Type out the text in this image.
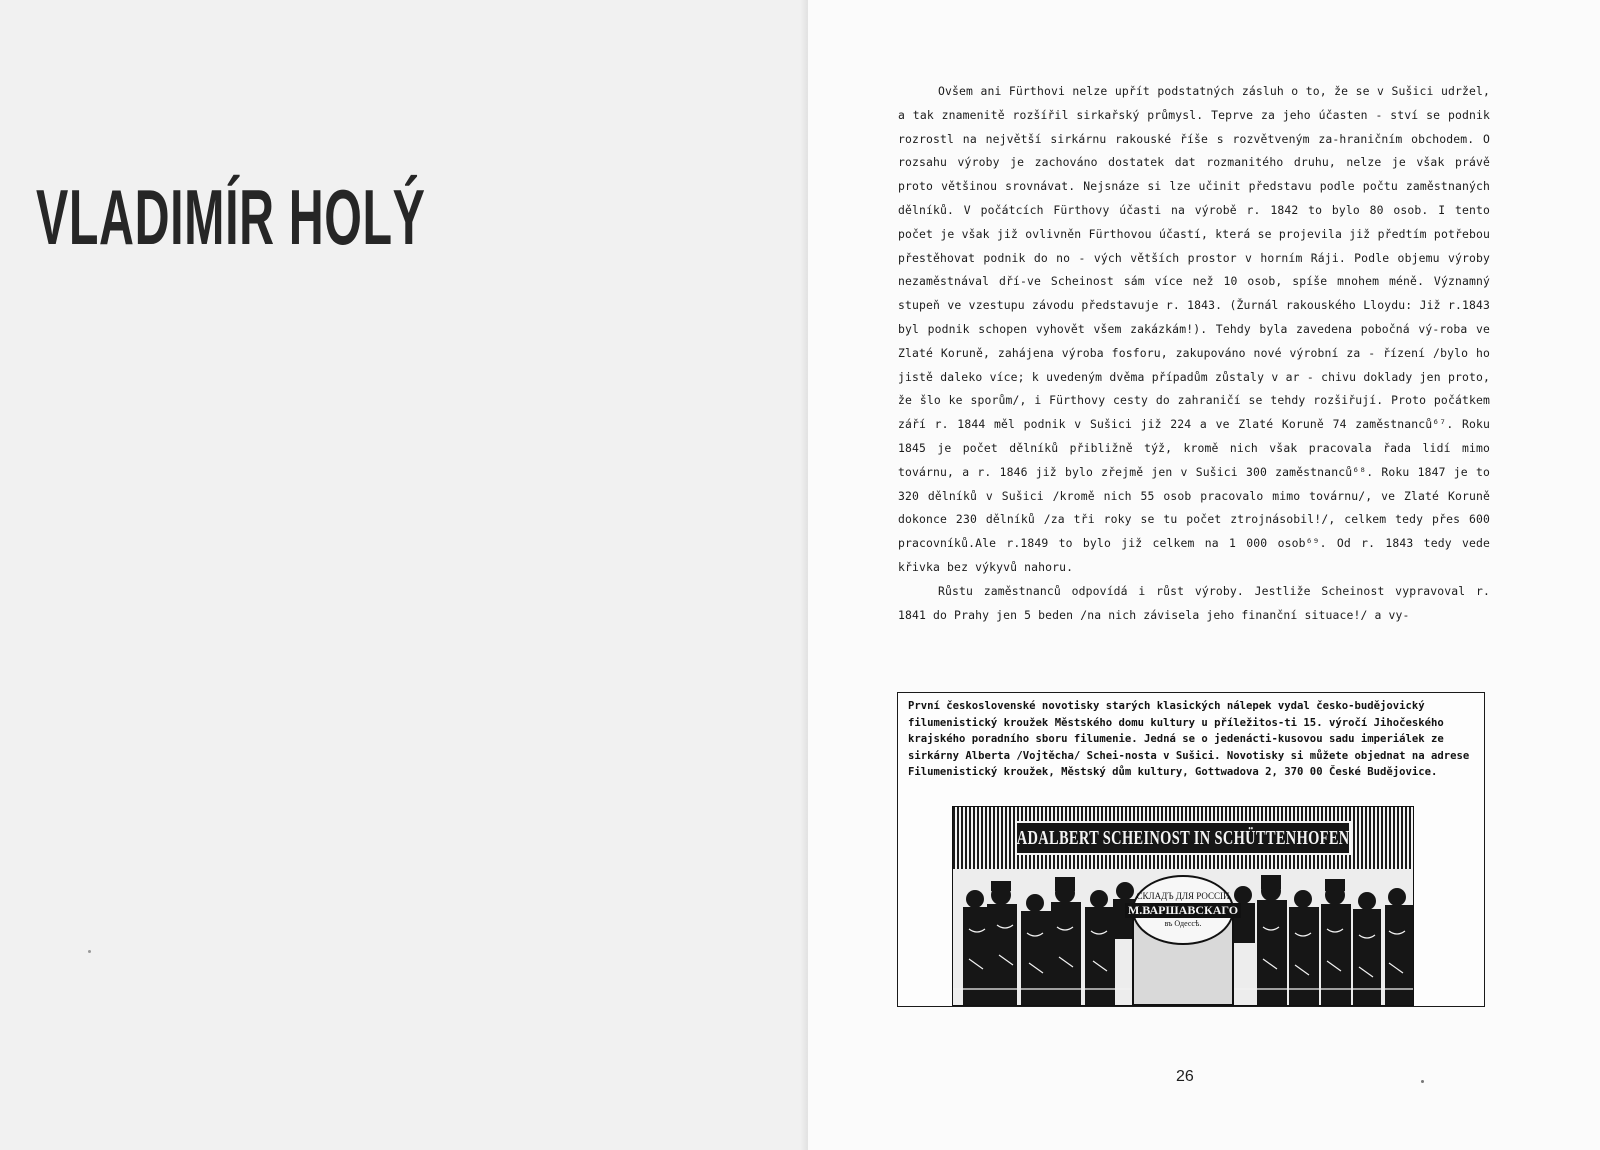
VLADIMÍR HOLÝ

Ovšem ani Fürthovi nelze upřít podstatných zásluh o to, že se v Sušici udržel, a tak znamenitě rozšířil sirkařský průmysl. Teprve za jeho účasten - ství se podnik rozrostl na největší sirkárnu rakouské říše s rozvětveným za-hraničním obchodem. O rozsahu výroby je zachováno dostatek dat rozmanitého druhu, nelze je však právě proto většinou srovnávat. Nejsnáze si lze učinit představu podle počtu zaměstnaných dělníků. V počátcích Fürthovy účasti na výrobě r. 1842 to bylo 80 osob. I tento počet je však již ovlivněn Fürthovou účastí, která se projevila již předtím potřebou přestěhovat podnik do no - vých větších prostor v horním Ráji. Podle objemu výroby nezaměstnával dří-ve Scheinost sám více než 10 osob, spíše mnohem méně. Významný stupeň ve vzestupu závodu představuje r. 1843. (Žurnál rakouského Lloydu: Již r.1843 byl podnik schopen vyhovět všem zakázkám!). Tehdy byla zavedena pobočná vý-roba ve Zlaté Koruně, zahájena výroba fosforu, zakupováno nové výrobní za - řízení /bylo ho jistě daleko více; k uvedeným dvěma případům zůstaly v ar - chivu doklady jen proto, že šlo ke sporům/, i Fürthovy cesty do zahraničí se tehdy rozšiřují. Proto počátkem září r. 1844 měl podnik v Sušici již 224 a ve Zlaté Koruně 74 zaměstnanců⁶⁷. Roku 1845 je počet dělníků přibližně týž, kromě nich však pracovala řada lidí mimo továrnu, a r. 1846 již bylo zřejmě jen v Sušici 300 zaměstnanců⁶⁸. Roku 1847 je to 320 dělníků v Sušici /kromě nich 55 osob pracovalo mimo továrnu/, ve Zlaté Koruně dokonce 230 dělníků /za tři roky se tu počet ztrojnásobil!/, celkem tedy přes 600 pracovníků.Ale r.1849 to bylo již celkem na 1 000 osob⁶⁹. Od r. 1843 tedy vede křivka bez výkyvů nahoru.

Růstu zaměstnanců odpovídá i růst výroby. Jestliže Scheinost vypravoval r. 1841 do Prahy jen 5 beden /na nich závisela jeho finanční situace!/ a vy-

První československé novotisky starých klasických nálepek vydal česko-budějovický filumenistický kroužek Městského domu kultury u příležitos-ti 15. výročí Jihočeského krajského poradního sboru filumenie. Jedná se o jedenácti-kusovou sadu imperiálek ze sirkárny Alberta /Vojtěcha/ Schei-nosta v Sušici. Novotisky si můžete objednat na adrese Filumenistický kroužek, Městský dům kultury, Gottwadova 2, 370 00 České Budějovice.

ADALBERT SCHEINOST IN SCHÜTTENHOFEN
СКЛАДЪ ДЛЯ РОССІИ
М.ВАРШАВСКАГО
въ Одессѣ.
26
